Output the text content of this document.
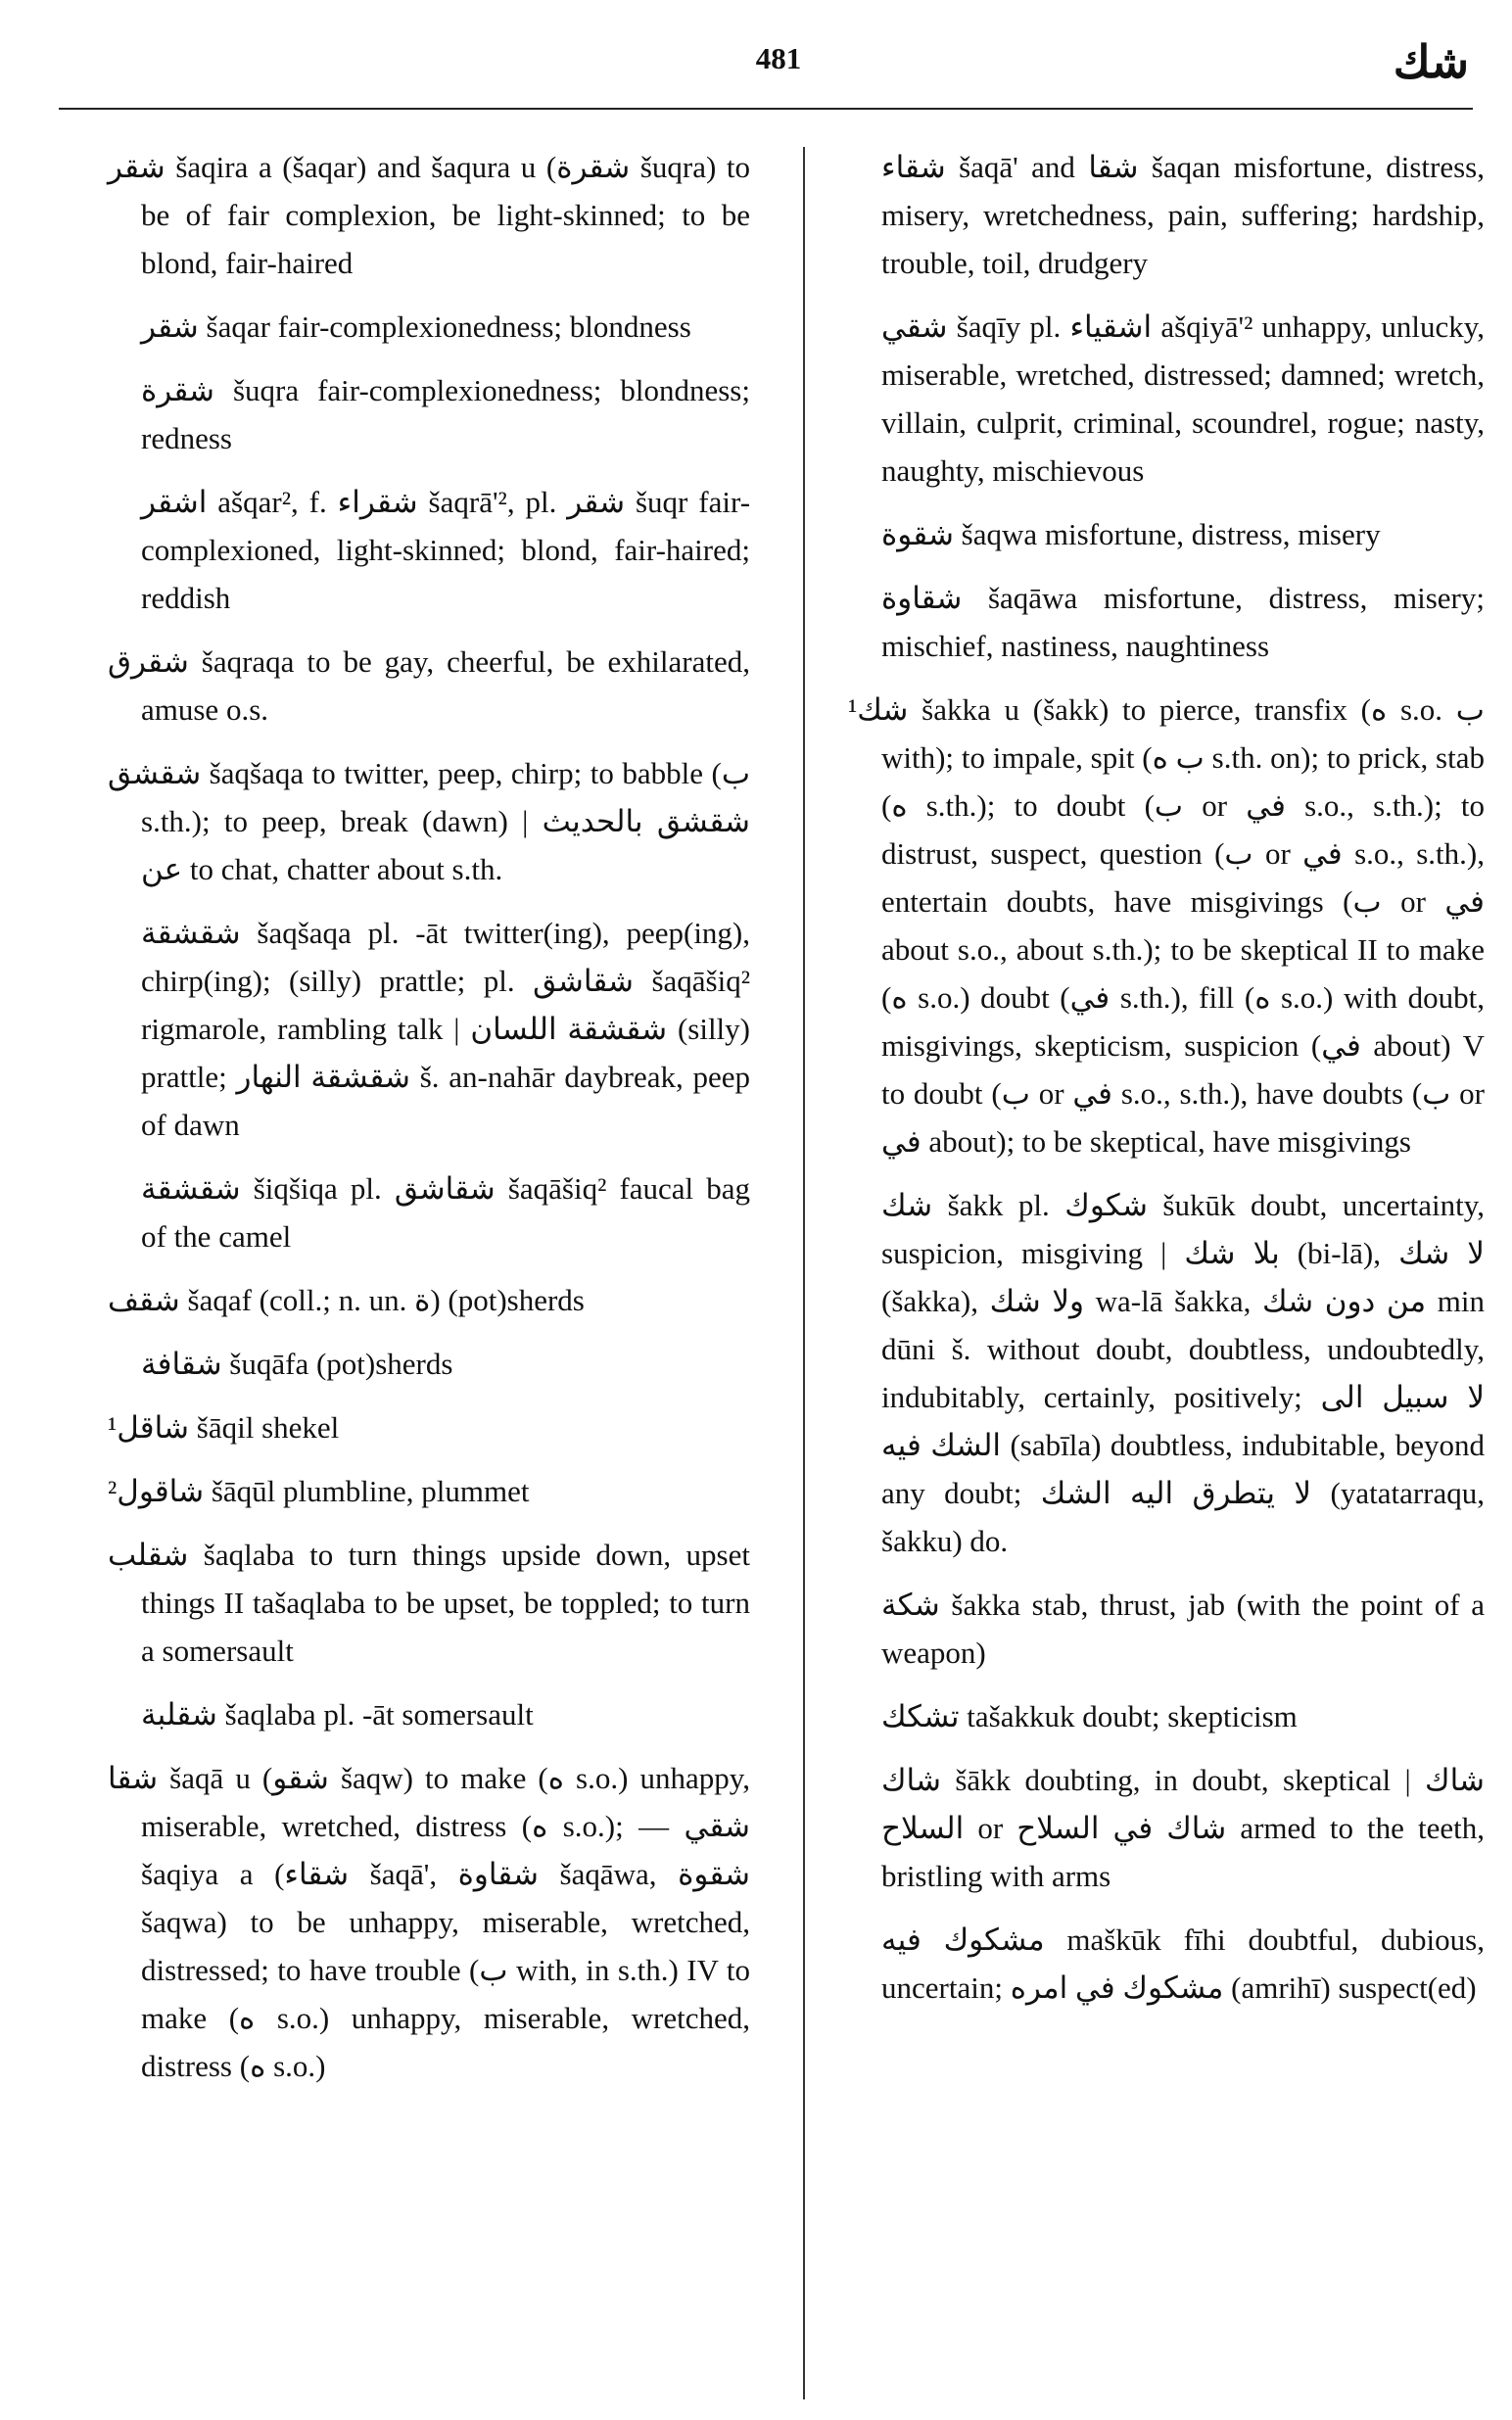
481	شك

شقر šaqira a (šaqar) and šaqura u (شقرة šuqra) to be of fair complexion, be light-skinned; to be blond, fair-haired

شقر šaqar fair-complexionedness; blondness

شقرة šuqra fair-complexionedness; blondness; redness

اشقر ašqar², f. شقراء šaqrā'², pl. شقر šuqr fair-complexioned, light-skinned; blond, fair-haired; reddish

شقرق šaqraqa to be gay, cheerful, be exhilarated, amuse o.s.

شقشق šaqšaqa to twitter, peep, chirp; to babble (ب s.th.); to peep, break (dawn) | شقشق بالحديث عن to chat, chatter about s.th.

شقشقة šaqšaqa pl. -āt twitter(ing), peep(ing), chirp(ing); (silly) prattle; pl. شقاشق šaqāšiq² rigmarole, rambling talk | شقشقة اللسان (silly) prattle; شقشقة النهار š. an-nahār daybreak, peep of dawn

شقشقة šiqšiqa pl. شقاشق šaqāšiq² faucal bag of the camel

شقف šaqaf (coll.; n. un. ة) (pot)sherds

شقافة šuqāfa (pot)sherds

¹شاقل šāqil shekel

²شاقول šāqūl plumbline, plummet

شقلب šaqlaba to turn things upside down, upset things II tašaqlaba to be upset, be toppled; to turn a somersault

شقلبة šaqlaba pl. -āt somersault

شقا šaqā u (شقو šaqw) to make (ه s.o.) unhappy, miserable, wretched, distress (ه s.o.); — شقي šaqiya a (شقاء šaqā', شقاوة šaqāwa, شقوة šaqwa) to be unhappy, miserable, wretched, distressed; to have trouble (ب with, in s.th.) IV to make (ه s.o.) unhappy, miserable, wretched, distress (ه s.o.)

شقاء šaqā' and شقا šaqan misfortune, distress, misery, wretchedness, pain, suffering; hardship, trouble, toil, drudgery

شقي šaqīy pl. اشقياء ašqiyā'² unhappy, unlucky, miserable, wretched, distressed; damned; wretch, villain, culprit, criminal, scoundrel, rogue; nasty, naughty, mischievous

شقوة šaqwa misfortune, distress, misery

شقاوة šaqāwa misfortune, distress, misery; mischief, nastiness, naughtiness

¹شك šakka u (šakk) to pierce, transfix (ه s.o. ب with); to impale, spit (ب ه s.th. on); to prick, stab (ه s.th.); to doubt (ب or في s.o., s.th.); to distrust, suspect, question (ب or في s.o., s.th.), entertain doubts, have misgivings (ب or في about s.o., about s.th.); to be skeptical II to make (ه s.o.) doubt (في s.th.), fill (ه s.o.) with doubt, misgivings, skepticism, suspicion (في about) V to doubt (ب or في s.o., s.th.), have doubts (ب or في about); to be skeptical, have misgivings

شك šakk pl. شكوك šukūk doubt, uncertainty, suspicion, misgiving | بلا شك (bi-lā), لا شك (šakka), ولا شك wa-lā šakka, من دون شك min dūni š. without doubt, doubtless, undoubtedly, indubitably, certainly, positively; لا سبيل الى الشك فيه (sabīla) doubtless, indubitable, beyond any doubt; لا يتطرق اليه الشك (yatatarraqu, šakku) do.

شكة šakka stab, thrust, jab (with the point of a weapon)

تشكك tašakkuk doubt; skepticism

شاك šākk doubting, in doubt, skeptical | شاك السلاح or شاك في السلاح armed to the teeth, bristling with arms

مشكوك فيه maškūk fīhi doubtful, dubious, uncertain; مشكوك في امره (amrihī) suspect(ed)
